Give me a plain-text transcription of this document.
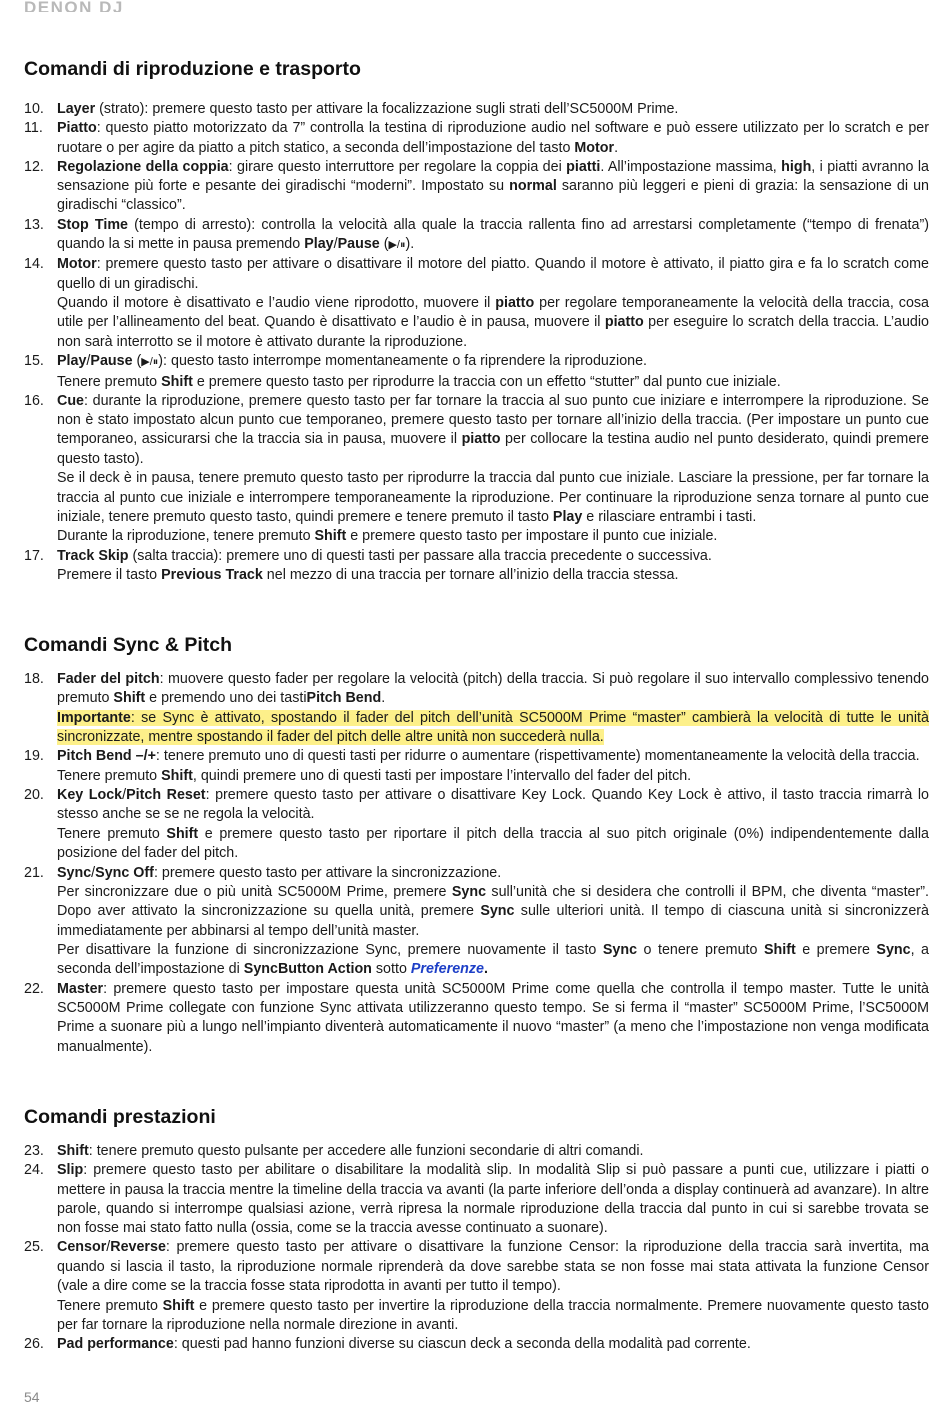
DENON DJ
Comandi di riproduzione e trasporto
10. Layer (strato): premere questo tasto per attivare la focalizzazione sugli strati dell’SC5000M Prime.
11. Piatto: questo piatto motorizzato da 7” controlla la testina di riproduzione audio nel software e può essere utilizzato per lo scratch e per ruotare o per agire da piatto a pitch statico, a seconda dell’impostazione del tasto Motor.
12. Regolazione della coppia: girare questo interruttore per regolare la coppia dei piatti. All’impostazione massima, high, i piatti avranno la sensazione più forte e pesante dei giradischi “moderni”. Impostato su normal saranno più leggeri e pieni di grazia: la sensazione di un giradischi “classico”.
13. Stop Time (tempo di arresto): controlla la velocità alla quale la traccia rallenta fino ad arrestarsi completamente (“tempo di frenata”) quando la si mette in pausa premendo Play/Pause (▶/⏸).
14. Motor: premere questo tasto per attivare o disattivare il motore del piatto. Quando il motore è attivato, il piatto gira e fa lo scratch come quello di un giradischi.
Quando il motore è disattivato e l’audio viene riprodotto, muovere il piatto per regolare temporaneamente la velocità della traccia, cosa utile per l’allineamento del beat. Quando è disattivato e l’audio è in pausa, muovere il piatto per eseguire lo scratch della traccia. L’audio non sarà interrotto se il motore è attivato durante la riproduzione.
15. Play/Pause (▶/⏸): questo tasto interrompe momentaneamente o fa riprendere la riproduzione.
Tenere premuto Shift e premere questo tasto per riprodurre la traccia con un effetto “stutter” dal punto cue iniziale.
16. Cue: durante la riproduzione, premere questo tasto per far tornare la traccia al suo punto cue iniziare e interrompere la riproduzione. Se non è stato impostato alcun punto cue temporaneo, premere questo tasto per tornare all’inizio della traccia. (Per impostare un punto cue temporaneo, assicurarsi che la traccia sia in pausa, muovere il piatto per collocare la testina audio nel punto desiderato, quindi premere questo tasto).
Se il deck è in pausa, tenere premuto questo tasto per riprodurre la traccia dal punto cue iniziale. Lasciare la pressione, per far tornare la traccia al punto cue iniziale e interrompere temporaneamente la riproduzione. Per continuare la riproduzione senza tornare al punto cue iniziale, tenere premuto questo tasto, quindi premere e tenere premuto il tasto Play e rilasciare entrambi i tasti.
Durante la riproduzione, tenere premuto Shift e premere questo tasto per impostare il punto cue iniziale.
17. Track Skip (salta traccia): premere uno di questi tasti per passare alla traccia precedente o successiva.
Premere il tasto Previous Track nel mezzo di una traccia per tornare all’inizio della traccia stessa.
Comandi Sync & Pitch
18. Fader del pitch: muovere questo fader per regolare la velocità (pitch) della traccia. Si può regolare il suo intervallo complessivo tenendo premuto Shift e premendo uno dei tastiPitch Bend.
Importante: se Sync è attivato, spostando il fader del pitch dell’unità SC5000M Prime “master” cambierà la velocità di tutte le unità sincronizzate, mentre spostando il fader del pitch delle altre unità non succederà nulla.
19. Pitch Bend –/+: tenere premuto uno di questi tasti per ridurre o aumentare (rispettivamente) momentaneamente la velocità della traccia.
Tenere premuto Shift, quindi premere uno di questi tasti per impostare l’intervallo del fader del pitch.
20. Key Lock/Pitch Reset: premere questo tasto per attivare o disattivare Key Lock. Quando Key Lock è attivo, il tasto traccia rimarrà lo stesso anche se se ne regola la velocità.
Tenere premuto Shift e premere questo tasto per riportare il pitch della traccia al suo pitch originale (0%) indipendentemente dalla posizione del fader del pitch.
21. Sync/Sync Off: premere questo tasto per attivare la sincronizzazione.
Per sincronizzare due o più unità SC5000M Prime, premere Sync sull’unità che si desidera che controlli il BPM, che diventa “master”. Dopo aver attivato la sincronizzazione su quella unità, premere Sync sulle ulteriori unità. Il tempo di ciascuna unità si sincronizzerà immediatamente per abbinarsi al tempo dell’unità master.
Per disattivare la funzione di sincronizzazione Sync, premere nuovamente il tasto Sync o tenere premuto Shift e premere Sync, a seconda dell’impostazione di SyncButton Action sotto Preferenze.
22. Master: premere questo tasto per impostare questa unità SC5000M Prime come quella che controlla il tempo master. Tutte le unità SC5000M Prime collegate con funzione Sync attivata utilizzeranno questo tempo. Se si ferma il “master” SC5000M Prime, l’SC5000M Prime a suonare più a lungo nell’impianto diventerà automaticamente il nuovo “master” (a meno che l’impostazione non venga modificata manualmente).
Comandi prestazioni
23. Shift: tenere premuto questo pulsante per accedere alle funzioni secondarie di altri comandi.
24. Slip: premere questo tasto per abilitare o disabilitare la modalità slip. In modalità Slip si può passare a punti cue, utilizzare i piatti o mettere in pausa la traccia mentre la timeline della traccia va avanti (la parte inferiore dell’onda a display continuerà ad avanzare). In altre parole, quando si interrompe qualsiasi azione, verrà ripresa la normale riproduzione della traccia dal punto in cui si sarebbe trovata se non fosse mai stato fatto nulla (ossia, come se la traccia avesse continuato a suonare).
25. Censor/Reverse: premere questo tasto per attivare o disattivare la funzione Censor: la riproduzione della traccia sarà invertita, ma quando si lascia il tasto, la riproduzione normale riprenderà da dove sarebbe stata se non fosse mai stata attivata la funzione Censor (vale a dire come se la traccia fosse stata riprodotta in avanti per tutto il tempo).
Tenere premuto Shift e premere questo tasto per invertire la riproduzione della traccia normalmente. Premere nuovamente questo tasto per far tornare la riproduzione nella normale direzione in avanti.
26. Pad performance: questi pad hanno funzioni diverse su ciascun deck a seconda della modalità pad corrente.
54
